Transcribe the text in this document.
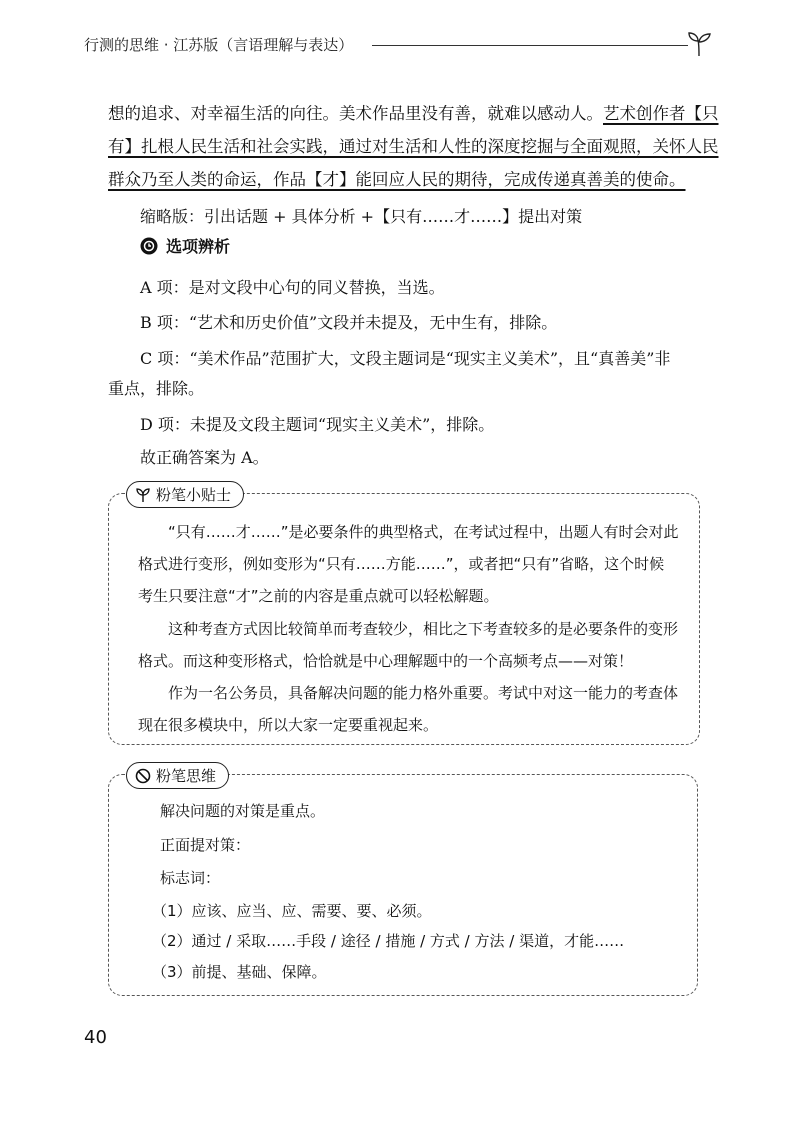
行测的思维 · 江苏版（言语理解与表达）
想的追求、对幸福生活的向往。美术作品里没有善，就难以感动人。艺术创作者【只
有】扎根人民生活和社会实践，通过对生活和人性的深度挖掘与全面观照，关怀人民
群众乃至人类的命运，作品【才】能回应人民的期待，完成传递真善美的使命。
缩略版：引出话题 + 具体分析 +【只有……才……】提出对策
选项辨析
A 项：是对文段中心句的同义替换，当选。
B 项：“艺术和历史价值”文段并未提及，无中生有，排除。
C 项：“美术作品”范围扩大，文段主题词是“现实主义美术”，且“真善美”非
重点，排除。
D 项：未提及文段主题词“现实主义美术”，排除。
故正确答案为 A。
粉笔小贴士
“只有……才……”是必要条件的典型格式，在考试过程中，出题人有时会对此
格式进行变形，例如变形为“只有……方能……”，或者把“只有”省略，这个时候
考生只要注意“才”之前的内容是重点就可以轻松解题。
这种考查方式因比较简单而考查较少，相比之下考查较多的是必要条件的变形
格式。而这种变形格式，恰恰就是中心理解题中的一个高频考点——对策！
作为一名公务员，具备解决问题的能力格外重要。考试中对这一能力的考查体
现在很多模块中，所以大家一定要重视起来。
粉笔思维
解决问题的对策是重点。
正面提对策：
标志词：
（1）应该、应当、应、需要、要、必须。
（2）通过 / 采取……手段 / 途径 / 措施 / 方式 / 方法 / 渠道，才能……
（3）前提、基础、保障。
40
